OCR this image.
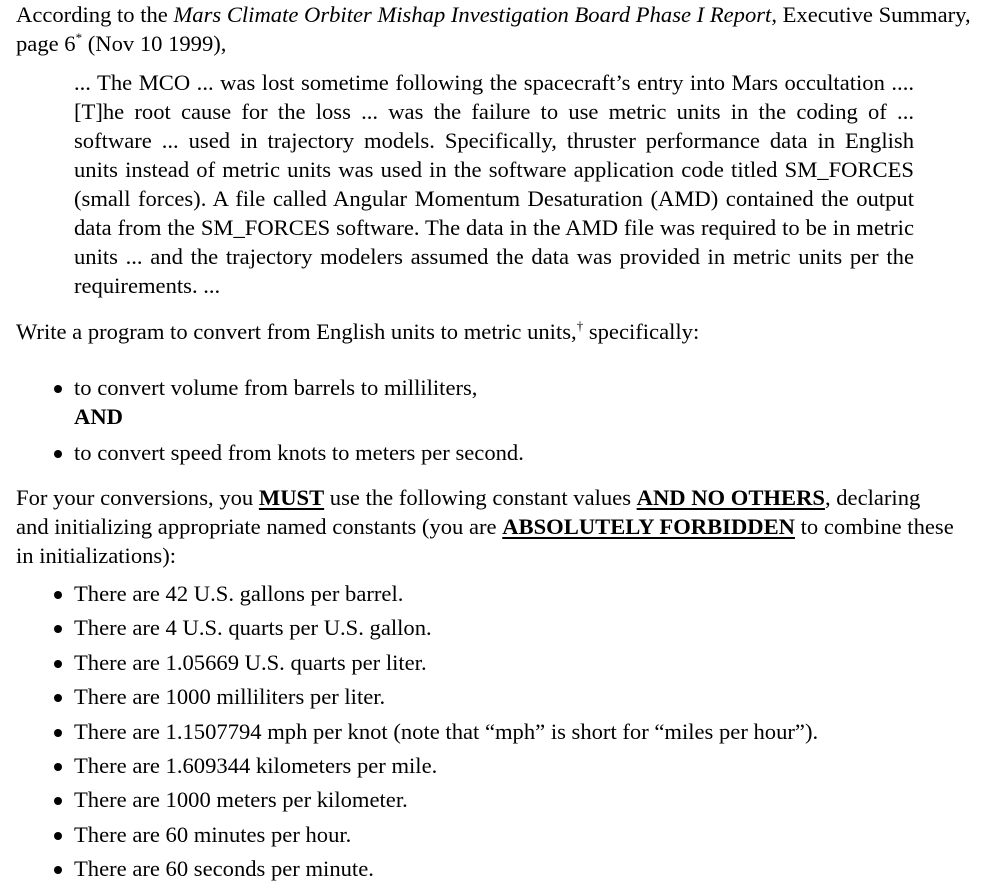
According to the Mars Climate Orbiter Mishap Investigation Board Phase I Report, Executive Summary, page 6* (Nov 10 1999),

... The MCO ... was lost sometime following the spacecraft’s entry into Mars occultation .... [T]he root cause for the loss ... was the failure to use metric units in the coding of ... software ... used in trajectory models. Specifically, thruster performance data in English units instead of metric units was used in the software application code titled SM_FORCES (small forces). A file called Angular Momentum Desaturation (AMD) contained the output data from the SM_FORCES software. The data in the AMD file was required to be in metric units ... and the trajectory modelers assumed the data was provided in metric units per the requirements. ...

Write a program to convert from English units to metric units,† specifically:

to convert volume from barrels to milliliters,
AND
to convert speed from knots to meters per second.

For your conversions, you MUST use the following constant values AND NO OTHERS, declaring and initializing appropriate named constants (you are ABSOLUTELY FORBIDDEN to combine these in initializations):

There are 42 U.S. gallons per barrel.
There are 4 U.S. quarts per U.S. gallon.
There are 1.05669 U.S. quarts per liter.
There are 1000 milliliters per liter.
There are 1.1507794 mph per knot (note that “mph” is short for “miles per hour”).
There are 1.609344 kilometers per mile.
There are 1000 meters per kilometer.
There are 60 minutes per hour.
There are 60 seconds per minute.
